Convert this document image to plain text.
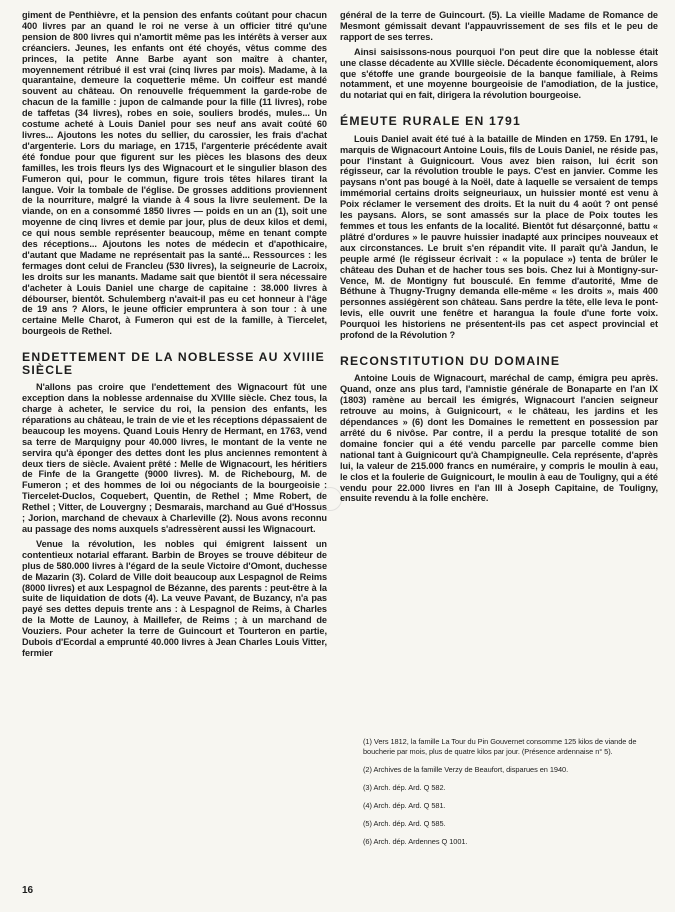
giment de Penthièvre, et la pension des enfants coûtant pour chacun 400 livres par an quand le roi ne verse à un officier titré qu'une pension de 800 livres qui n'amortit même pas les intérêts à verser aux créanciers. Jeunes, les enfants ont été choyés, vêtus comme des princes, la petite Anne Barbe ayant son maître à chanter, moyennement rétribué il est vrai (cinq livres par mois). Madame, à la quarantaine, demeure la coquetterie même. Un coiffeur est mandé souvent au château. On renouvelle fréquemment la garde-robe de chacun de la famille : jupon de calmande pour la fille (11 livres), robe de taffetas (34 livres), robes en soie, souliers brodés, mules... Un costume acheté à Louis Daniel pour ses neuf ans avait coûté 60 livres... Ajoutons les notes du sellier, du carossier, les frais d'achat d'argenterie. Lors du mariage, en 1715, l'argenterie précédente avait été fondue pour que figurent sur les pièces les blasons des deux familles, les trois fleurs lys des Wignacourt et le singulier blason des Fumeron qui, pour le commun, figure trois têtes hilares tirant la langue. Voir la tombale de l'église. De grosses additions proviennent de la nourriture, malgré la viande à 4 sous la livre seulement. De la viande, on en a consommé 1850 livres — poids en un an (1), soit une moyenne de cinq livres et demie par jour, plus de deux kilos et demi, ce qui nous semble représenter beaucoup, même en tenant compte des réceptions... Ajoutons les notes de médecin et d'apothicaire, d'autant que Madame ne représentait pas la santé... Ressources : les fermages dont celui de Francleu (530 livres), la seigneurie de Lacroix, les droits sur les manants. Madame sait que bientôt il sera nécessaire d'acheter à Louis Daniel une charge de capitaine : 38.000 livres à débourser, bientôt. Schulemberg n'avait-il pas eu cet honneur à l'âge de 19 ans ? Alors, le jeune officier empruntera à son tour : à une certaine Melle Charot, à Fumeron qui est de la famille, à Tiercelet, bourgeois de Rethel.

ENDETTEMENT DE LA NOBLESSE AU XVIIIE SIÈCLE

N'allons pas croire que l'endettement des Wignacourt fût une exception dans la noblesse ardennaise du XVIIIe siècle. Chez tous, la charge à acheter, le service du roi, la pension des enfants, les réparations au château, le train de vie et les réceptions dépassaient de beaucoup les moyens. Quand Louis Henry de Hermant, en 1763, vend sa terre de Marquigny pour 40.000 livres, le montant de la vente ne servira qu'à éponger des dettes dont les plus anciennes remontent à deux tiers de siècle. Avaient prêté : Melle de Wignacourt, les héritiers de Finfe de la Grangette (9000 livres). M. de Richebourg, M. de Fumeron ; et des hommes de loi ou négociants de la bourgeoisie : Tiercelet-Duclos, Coquebert, Quentin, de Rethel ; Mme Robert, de Rethel ; Vitter, de Louvergny ; Desmarais, marchand au Gué d'Hossus ; Jorion, marchand de chevaux à Charleville (2). Nous avons reconnu au passage des noms auxquels s'adressèrent aussi les Wignacourt.

Venue la révolution, les nobles qui émigrent laissent un contentieux notarial effarant. Barbin de Broyes se trouve débiteur de plus de 580.000 livres à l'égard de la seule Victoire d'Omont, duchesse de Mazarin (3). Colard de Ville doit beaucoup aux Lespagnol de Reims (8000 livres) et aux Lespagnol de Bézanne, des parents : peut-être à la suite de liquidation de dots (4). La veuve Pavant, de Buzancy, n'a pas payé ses dettes depuis trente ans : à Lespagnol de Reims, à Charles de la Motte de Launoy, à Maillefer, de Reims ; à un marchand de Vouziers. Pour acheter la terre de Guincourt et Tourteron en partie, Dubois d'Ecordal a emprunté 40.000 livres à Jean Charles Louis Vitter, fermier

général de la terre de Guincourt. (5). La vieille Madame de Romance de Mesmont gémissait devant l'appauvrissement de ses fils et le peu de rapport de ses terres.

Ainsi saisissons-nous pourquoi l'on peut dire que la noblesse était une classe décadente au XVIIIe siècle. Décadente économiquement, alors que s'étoffe une grande bourgeoisie de la banque familiale, à Reims notamment, et une moyenne bourgeoisie de l'amodiation, de la justice, du notariat qui en fait, dirigera la révolution bourgeoise.

ÉMEUTE RURALE EN 1791

Louis Daniel avait été tué à la bataille de Minden en 1759. En 1791, le marquis de Wignacourt Antoine Louis, fils de Louis Daniel, ne réside pas, pour l'instant à Guignicourt. Vous avez bien raison, lui écrit son régisseur, car la révolution trouble le pays. C'est en janvier. Comme les paysans n'ont pas bougé à la Noël, date à laquelle se versaient de temps immémorial certains droits seigneuriaux, un huissier monté est venu à Poix réclamer le versement des droits. Et la nuit du 4 août ? ont pensé les paysans. Alors, se sont amassés sur la place de Poix toutes les femmes et tous les enfants de la localité. Bientôt fut désarçonné, battu « plâtré d'ordures » le pauvre huissier inadapté aux principes nouveaux et aux circonstances. Le bruit s'en répandit vite. Il paraît qu'à Jandun, le peuple armé (le régisseur écrivait : « la populace ») tenta de brûler le château des Duhan et de hacher tous ses bois. Chez lui à Montigny-sur-Vence, M. de Montigny fut bousculé. En femme d'autorité, Mme de Béthune à Thugny-Trugny demanda elle-même « les droits », mais 400 personnes assiégèrent son château. Sans perdre la tête, elle leva le pont-levis, elle ouvrit une fenêtre et harangua la foule d'une forte voix. Pourquoi les historiens ne présentent-ils pas cet aspect provincial et profond de la Révolution ?

RECONSTITUTION DU DOMAINE

Antoine Louis de Wignacourt, maréchal de camp, émigra peu après. Quand, onze ans plus tard, l'amnistie générale de Bonaparte en l'an IX (1803) ramène au bercail les émigrés, Wignacourt l'ancien seigneur retrouve au moins, à Guignicourt, « le château, les jardins et les dépendances » (6) dont les Domaines le remettent en possession par arrêté du 6 nivôse. Par contre, il a perdu la presque totalité de son domaine foncier qui a été vendu parcelle par parcelle comme bien national tant à Guignicourt qu'à Champigneulle. Cela représente, d'après lui, la valeur de 215.000 francs en numéraire, y compris le moulin à eau, le clos et la foulerie de Guignicourt, le moulin à eau de Touligny, qui a été vendu pour 22.000 livres en l'an III à Joseph Capitaine, de Touligny, ensuite revendu à la folle enchère.

(1) Vers 1812, la famille La Tour du Pin Gouvernet consomme 125 kilos de viande de boucherie par mois, plus de quatre kilos par jour. (Présence ardennaise n° 5).

(2) Archives de la famille Verzy de Beaufort, disparues en 1940.

(3) Arch. dép. Ard. Q 582.

(4) Arch. dép. Ard. Q 581.

(5) Arch. dép. Ard. Q 585.

(6) Arch. dép. Ardennes Q 1001.

16
